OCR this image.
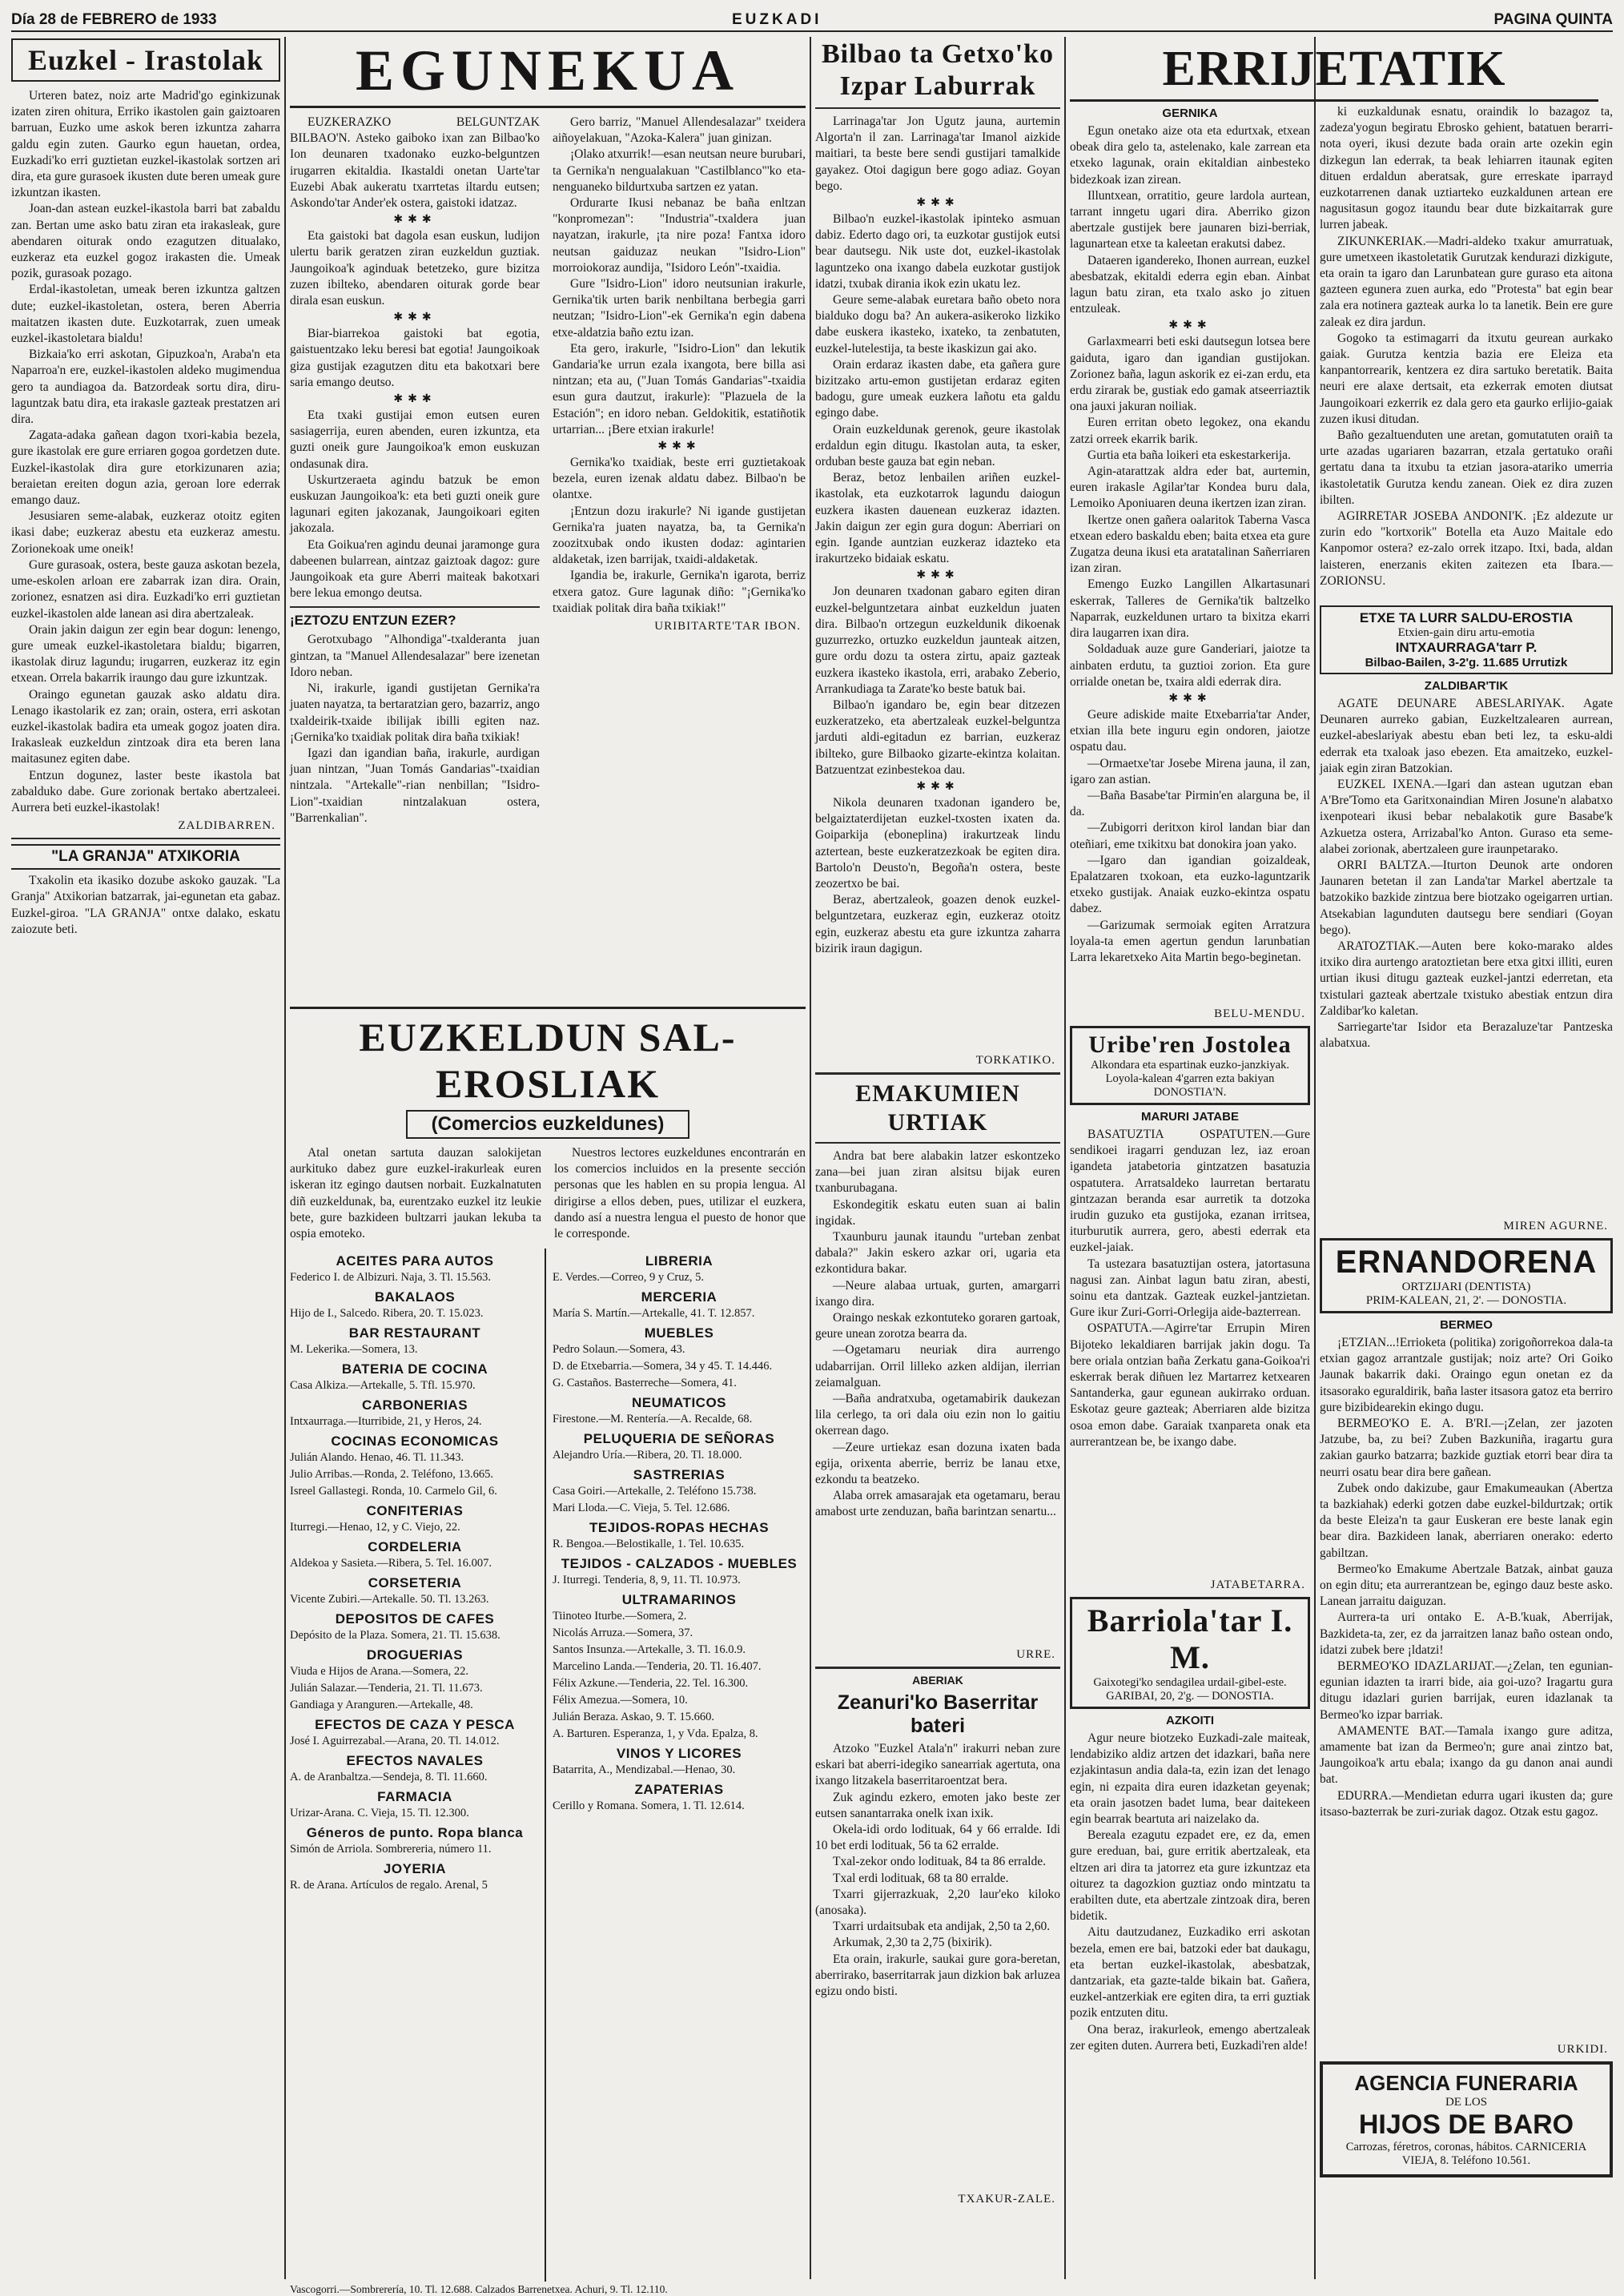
Día 28 de FEBRERO de 1933	EUZKADI	PAGINA QUINTA
Euzkel - Irastolak

Urteren batez, noiz arte Madrid'go eginkizunak izaten ziren ohitura, Erriko ikastolen gain gaiztoaren barruan, Euzko ume askok beren izkuntza zaharra galdu egin zuten. Gaurko egun hauetan, ordea, Euzkadi'ko erri guztietan euzkel-ikastolak sortzen ari dira, eta gure gurasoek ikusten dute beren umeak gure izkuntzan ikasten.

Joan-dan astean euzkel-ikastola barri bat zabaldu zan. Bertan ume asko batu ziran eta irakasleak, gure abendaren oiturak ondo ezagutzen ditualako, euzkeraz eta euzkel gogoz irakasten die. Umeak pozik, gurasoak pozago.

Erdal-ikastoletan, umeak beren izkuntza galtzen dute; euzkel-ikastoletan, ostera, beren Aberria maitatzen ikasten dute. Euzkotarrak, zuen umeak euzkel-ikastoletara bialdu!

Bizkaia'ko erri askotan, Gipuzkoa'n, Araba'n eta Naparroa'n ere, euzkel-ikastolen aldeko mugimendua gero ta aundiagoa da. Batzordeak sortu dira, diru-laguntzak batu dira, eta irakasle gazteak prestatzen ari dira.

Zagata-adaka gañean dagon txori-kabia bezela, gure ikastolak ere gure erriaren gogoa gordetzen dute. Euzkel-ikastolak dira gure etorkizunaren azia; beraietan ereiten dogun azia, geroan lore ederrak emango dauz.

Jesusiaren seme-alabak, euzkeraz otoitz egiten ikasi dabe; euzkeraz abestu eta euzkeraz amestu. Zorionekoak ume oneik!

Gure gurasoak, ostera, beste gauza askotan bezela, ume-eskolen arloan ere zabarrak izan dira. Orain, zorionez, esnatzen asi dira. Euzkadi'ko erri guztietan euzkel-ikastolen alde lanean asi dira abertzaleak.

Orain jakin daigun zer egin bear dogun: lenengo, gure umeak euzkel-ikastoletara bialdu; bigarren, ikastolak diruz lagundu; irugarren, euzkeraz itz egin etxean. Orrela bakarrik iraungo dau gure izkuntzak.

Oraingo egunetan gauzak asko aldatu dira. Lenago ikastolarik ez zan; orain, ostera, erri askotan euzkel-ikastolak badira eta umeak gogoz joaten dira. Irakasleak euzkeldun zintzoak dira eta beren lana maitasunez egiten dabe.

Entzun dogunez, laster beste ikastola bat zabalduko dabe. Gure zorionak bertako abertzaleei. Aurrera beti euzkel-ikastolak!

ZALDIBARREN.
"LA GRANJA" ATXIKORIA

Txakolin eta ikasiko dozube askoko gauzak. "La Granja" Atxikorian batzarrak, jai-egunetan eta gabaz. Euzkel-giroa. "LA GRANJA" ontxe dalako, eskatu zaiozute beti.

EGUNEKUA

EUZKERAZKO BELGUNTZAK BILBAO'N. Asteko gaiboko ixan zan Bilbao'ko Ion deunaren txadonako euzko-belguntzen irugarren ekitaldia. Ikastaldi onetan Uarte'tar Euzebi Abak aukeratu txarrtetas iltardu eutsen; Askondo'tar Ander'ek ostera, gaistoki idatzaz.

✱✱✱

Eta gaistoki bat dagola esan euskun, ludijon ulertu barik geratzen ziran euzkeldun guztiak. Jaungoikoa'k aginduak betetzeko, gure bizitza zuzen ibilteko, abendaren oiturak gorde bear dirala esan euskun.

✱✱✱

Biar-biarrekoa gaistoki bat egotia, gaistuentzako leku beresi bat egotia! Jaungoikoak giza gustijak ezagutzen ditu eta bakotxari bere saria emango deutso.

✱✱✱

Eta txaki gustijai emon eutsen euren sasiagerrija, euren abenden, euren izkuntza, eta guzti oneik gure Jaungoikoa'k emon euskuzan ondasunak dira.

Uskurtzeraeta agindu batzuk be emon euskuzan Jaungoikoa'k: eta beti guzti oneik gure lagunari egiten jakozanak, Jaungoikoari egiten jakozala.

Eta Goikua'ren agindu deunai jaramonge gura dabeenen bularrean, aintzaz gaiztoak dagoz: gure Jaungoikoak eta gure Aberri maiteak bakotxari bere lekua emongo deutsa.

¡EZTOZU ENTZUN EZER?

Gerotxubago "Alhondiga"-txalderanta juan gintzan, ta "Manuel Allendesalazar" bere izenetan Idoro neban.

Ni, irakurle, igandi gustijetan Gernika'ra juaten nayatza, ta bertaratzian gero, bazarriz, ango txaldeirik-txaide ibilijak ibilli egiten naz. ¡Gernika'ko txaidiak politak dira baña txikiak!

Igazi dan igandian baña, irakurle, aurdigan juan nintzan, "Juan Tomás Gandarias"-txaidian nintzala. "Artekalle"-rian nenbillan; "Isidro-Lion"-txaidian nintzalakuan ostera, "Barrenkalian".

Gero barriz, "Manuel Allendesalazar" txeidera aiñoyelakuan, "Azoka-Kalera" juan ginizan.

¡Olako atxurrik!—esan neutsan neure burubari, ta Gernika'n nengualakuan "Castilblanco"'ko eta-nenguaneko bildurtxuba sartzen ez yatan.

Ordurarte Ikusi nebanaz be baña enltzan "konpromezan": "Industria"-txaldera juan nayatzan, irakurle, ¡ta nire poza! Fantxa idoro neutsan gaiduzaz neukan "Isidro-Lion" morroiokoraz aundija, "Isidoro León"-txaidia.

Gure "Isidro-Lion" idoro neutsunian irakurle, Gernika'tik urten barik nenbiltana berbegia garri neutzan; "Isidro-Lion"-ek Gernika'n egin dabena etxe-aldatzia baño eztu izan.

Eta gero, irakurle, "Isidro-Lion" dan lekutik Gandaria'ke urrun ezala ixangota, bere billa asi nintzan; eta au, ("Juan Tomás Gandarias"-txaidia esun gura dautzut, irakurle): "Plazuela de la Estación"; en idoro neban. Geldokitik, estatiñotik urtarrian... ¡Bere etxian irakurle!

✱✱✱

Gernika'ko txaidiak, beste erri guztietakoak bezela, euren izenak aldatu dabez. Bilbao'n be olantxe.

¡Entzun dozu irakurle? Ni igande gustijetan Gernika'ra juaten nayatza, ba, ta Gernika'n zoozitxubak ondo ikusten dodaz: agintarien aldaketak, izen barrijak, txaidi-aldaketak.

Igandia be, irakurle, Gernika'n igarota, berriz etxera gatoz. Gure lagunak diño: "¡Gernika'ko txaidiak politak dira baña txikiak!"

URIBITARTE'TAR IBON.
EUZKELDUN SAL-EROSLIAK
(Comercios euzkeldunes)

Atal onetan sartuta dauzan salokijetan aurkituko dabez gure euzkel-irakurleak euren iskeran itz egingo dautsen norbait. Euzkalnatuten diñ euzkeldunak, ba, eurentzako euzkel itz leukie bete, gure bazkideen bultzarri jaukan lekuba ta ospia emoteko.

Nuestros lectores euzkeldunes encontrarán en los comercios incluidos en la presente sección personas que les hablen en su propia lengua. Al dirigirse a ellos deben, pues, utilizar el euzkera, dando así a nuestra lengua el puesto de honor que le corresponde.

ACEITES PARA AUTOS
Federico I. de Albizuri. Naja, 3. Tl. 15.563.
BAKALAOS
Hijo de I., Salcedo. Ribera, 20. T. 15.023.
BAR RESTAURANT
M. Lekerika.—Somera, 13.
BATERIA DE COCINA
Casa Alkiza.—Artekalle, 5. Tfl. 15.970.
CARBONERIAS
Intxaurraga.—Iturribide, 21, y Heros, 24.
COCINAS ECONOMICAS
Julián Alando. Henao, 46. Tl. 11.343.
Julio Arribas.—Ronda, 2. Teléfono, 13.665.
Isreel Gallastegi. Ronda, 10. Carmelo Gil, 6.
CONFITERIAS
Iturregi.—Henao, 12, y C. Viejo, 22.
CORDELERIA
Aldekoa y Sasieta.—Ribera, 5. Tel. 16.007.
CORSETERIA
Vicente Zubiri.—Artekalle. 50. Tl. 13.263.
DEPOSITOS DE CAFES
Depósito de la Plaza. Somera, 21. Tl. 15.638.
DROGUERIAS
Viuda e Hijos de Arana.—Somera, 22.
Julián Salazar.—Tenderia, 21. Tl. 11.673.
Gandiaga y Aranguren.—Artekalle, 48.
EFECTOS DE CAZA Y PESCA
José I. Aguirrezabal.—Arana, 20. Tl. 14.012.
EFECTOS NAVALES
A. de Aranbaltza.—Sendeja, 8. Tl. 11.660.
FARMACIA
Urizar-Arana. C. Vieja, 15. Tl. 12.300.
Géneros de punto. Ropa blanca
Simón de Arriola. Sombrereria, número 11.
JOYERIA
R. de Arana. Artículos de regalo. Arenal, 5
LIBRERIA
E. Verdes.—Correo, 9 y Cruz, 5.
MERCERIA
María S. Martín.—Artekalle, 41. T. 12.857.
MUEBLES
Pedro Solaun.—Somera, 43.
D. de Etxebarria.—Somera, 34 y 45. T. 14.446.
G. Castaños. Basterreche—Somera, 41.
NEUMATICOS
Firestone.—M. Rentería.—A. Recalde, 68.
PELUQUERIA DE SEÑORAS
Alejandro Uría.—Ribera, 20. Tl. 18.000.
SASTRERIAS
Casa Goiri.—Artekalle, 2. Teléfono 15.738.
Mari Lloda.—C. Vieja, 5. Tel. 12.686.
TEJIDOS-ROPAS HECHAS
R. Bengoa.—Belostikalle, 1. Tel. 10.635.
TEJIDOS - CALZADOS - MUEBLES
J. Iturregi. Tenderia, 8, 9, 11. Tl. 10.973.
ULTRAMARINOS
Tiinoteo Iturbe.—Somera, 2.
Nicolás Arruza.—Somera, 37.
Santos Insunza.—Artekalle, 3. Tl. 16.0.9.
Marcelino Landa.—Tenderia, 20. Tl. 16.407.
Félix Azkune.—Tenderia, 22. Tel. 16.300.
Félix Amezua.—Somera, 10.
Julián Beraza. Askao, 9. T. 15.660.
A. Barturen. Esperanza, 1, y Vda. Epalza, 8.
VINOS Y LICORES
Batarrita, A., Mendizabal.—Henao, 30.
ZAPATERIAS
Cerillo y Romana. Somera, 1. Tl. 12.614.
Vascogorri.—Sombrerería, 10. Tl. 12.688. Calzados Barrenetxea. Achuri, 9. Tl. 12.110.
Bilbao ta Getxo'ko Izpar Laburrak

Larrinaga'tar Jon Ugutz jauna, aurtemin Algorta'n il zan. Larrinaga'tar Imanol aizkide maitiari, ta beste bere sendi gustijari tamalkide gayakez. Otoi dagigun bere gogo adiaz. Goyan bego.

✱✱✱

Bilbao'n euzkel-ikastolak ipinteko asmuan dabiz. Ederto dago ori, ta euzkotar gustijok eutsi bear dautsegu. Nik uste dot, euzkel-ikastolak laguntzeko ona ixango dabela euzkotar gustijok idatzi, txubak dirania ikok ezin ukatu lez.

Geure seme-alabak euretara baño obeto nora bialduko dogu ba? An aukera-asikeroko lizkiko dabe euskera ikasteko, ixateko, ta zenbatuten, euzkel-lutelestija, ta beste ikaskizun gai ako.

Orain erdaraz ikasten dabe, eta gañera gure bizitzako artu-emon gustijetan erdaraz egiten badogu, gure umeak euzkera lañotu eta galdu egingo dabe.

Orain euzkeldunak gerenok, geure ikastolak erdaldun egin ditugu. Ikastolan auta, ta esker, orduban beste gauza bat egin neban.

Beraz, betoz lenbailen ariñen euzkel-ikastolak, eta euzkotarrok lagundu daiogun euzkera ikasten dauenean euzkeraz idazten. Jakin daigun zer egin gura dogun: Aberriari on egin. Igande auntzian euzkeraz idazteko eta irakurtzeko bidaiak eskatu.

✱✱✱

Jon deunaren txadonan gabaro egiten diran euzkel-belguntzetara ainbat euzkeldun juaten dira. Bilbao'n ortzegun euzkeldunik dikoenak guzurrezko, ortuzko euzkeldun jaunteak aitzen, gure ordu dozu ta ostera zirtu, apaiz gazteak euzkera ikasteko ikastola, erri, arabako Zeberio, Arrankudiaga ta Zarate'ko beste batuk bai.

Bilbao'n igandaro be, egin bear ditzezen euzkeratzeko, eta abertzaleak euzkel-belguntza jarduti aldi-egitadun ez barrian, euzkeraz ibilteko, gure Bilbaoko gizarte-ekintza kolaitan. Batzuentzat ezinbestekoa dau.

✱✱✱

Nikola deunaren txadonan igandero be, belgaiztaterdijetan euzkel-txosten ixaten da. Goiparkija (eboneplina) irakurtzeak lindu aztertean, beste euzkeratzezkoak be egiten dira. Bartolo'n Deusto'n, Begoña'n ostera, beste zeozertxo be bai.

Beraz, abertzaleok, goazen denok euzkel-belguntzetara, euzkeraz egin, euzkeraz otoitz egin, euzkeraz abestu eta gure izkuntza zaharra bizirik iraun dagigun.

TORKATIKO.
EMAKUMIEN URTIAK

Andra bat bere alabakin latzer eskontzeko zana—bei juan ziran alsitsu bijak euren txanburubagana.

Eskondegitik eskatu euten suan ai balin ingidak.

Txaunburu jaunak itaundu "urteban zenbat dabala?" Jakin eskero azkar ori, ugaria eta ezkontidura bakar.

—Neure alabaa urtuak, gurten, amargarri ixango dira.

Oraingo neskak ezkontuteko goraren gartoak, geure unean zorotza bearra da.

—Ogetamaru neuriak dira aurrengo udabarrijan. Orril lilleko azken aldijan, ilerrian zeiamalguan.

—Baña andratxuba, ogetamabirik daukezan lila cerlego, ta ori dala oiu ezin non lo gaitiu okerrean dago.

—Zeure urtiekaz esan dozuna ixaten bada egija, orixenta aberrie, berriz be lanau etxe, ezkondu ta beatzeko.

Alaba orrek amasarajak eta ogetamaru, berau amabost urte zenduzan, baña barintzan senartu...

URRE.
ABERIAK
Zeanuri'ko Baserritar bateri

Atzoko "Euzkel Atala'n" irakurri neban zure eskari bat aberri-idegiko sanearriak agertuta, ona ixango litzakela baserritaroentzat bera.

Zuk agindu ezkero, emoten jako beste zer eutsen sanantarraka onelk ixan ixik.

Okela-idi ordo lodituak, 64 y 66 erralde. Idi 10 bet erdi lodituak, 56 ta 62 erralde.

Txal-zekor ondo lodituak, 84 ta 86 erralde.

Txal erdi lodituak, 68 ta 80 erralde.

Txarri gijerrazkuak, 2,20 laur'eko kiloko (anosaka).

Txarri urdaitsubak eta andijak, 2,50 ta 2,60.

Arkumak, 2,30 ta 2,75 (bixirik).

Eta orain, irakurle, saukai gure gora-beretan, aberrirako, baserritarrak jaun dizkion bak arluzea egizu ondo bisti.

TXAKUR-ZALE.
ERRIJETATIK
GERNIKA

Egun onetako aize ota eta edurtxak, etxean obeak dira gelo ta, astelenako, kale zarrean eta etxeko lagunak, orain ekitaldian ainbesteko bidezkoak izan zirean.

Illuntxean, orratitio, geure lardola aurtean, tarrant inngetu ugari dira. Aberriko gizon abertzale gustijek bere jaunaren bizi-berriak, lagunartean etxe ta kaleetan erakutsi dabez.

Dataeren igandereko, Ihonen aurrean, euzkel abesbatzak, ekitaldi ederra egin eban. Ainbat lagun batu ziran, eta txalo asko jo zituen entzuleak.

✱✱✱

Garlaxmearri beti eski dautsegun lotsea bere gaiduta, igaro dan igandian gustijokan. Zorionez baña, lagun askorik ez ei-zan erdu, eta erdu zirarak be, gustiak edo gamak atseerriaztik ona jauxi jakuran noiliak.

Euren erritan obeto legokez, ona ekandu zatzi orreek ekarrik barik.

Gurtia eta baña loikeri eta eskestarkerija.

Agin-atarattzak aldra eder bat, aurtemin, euren irakasle Agilar'tar Kondea buru dala, Lemoiko Aponiuaren deuna ikertzen izan ziran.

Ikertze onen gañera oalaritok Taberna Vasca etxean edero baskaldu eben; baita etxea eta gure Zugatza deuna ikusi eta aratatalinan Sañerriaren izan ziran.

Emengo Euzko Langillen Alkartasunari eskerrak, Talleres de Gernika'tik baltzelko Naparrak, euzkeldunen urtaro ta bixitza ekarri dira laugarren ixan dira.

Soldaduak auze gure Ganderiari, jaiotze ta ainbaten erdutu, ta guztioi zorion. Eta gure orrialde onetan be, txaira aldi ederrak dira.

✱✱✱

Geure adiskide maite Etxebarria'tar Ander, etxian illa bete inguru egin ondoren, jaiotze ospatu dau.

—Ormaetxe'tar Josebe Mirena jauna, il zan, igaro zan astian.

—Baña Basabe'tar Pirmin'en alarguna be, il da.

—Zubigorri deritxon kirol landan biar dan oteñiari, eme txikitxu bat donokira joan yako.

—Igaro dan igandian goizaldeak, Epalatzaren txokoan, eta euzko-laguntzarik etxeko gustijak. Anaiak euzko-ekintza ospatu dabez.

—Garizumak sermoiak egiten Arratzura loyala-ta emen agertun gendun larunbatian Larra lekaretxeko Aita Martin bego-beginetan.

BELU-MENDU.
Uribe'ren Jostolea
Alkondara eta espartinak euzko-janzkiyak. Loyola-kalean 4'garren ezta bakiyan DONOSTIA'N.
MARURI JATABE

BASATUZTIA OSPATUTEN.—Gure sendikoei iragarri genduzan lez, iaz eroan igandeta jatabetoria gintzatzen basatuzia ospatutera. Arratsaldeko laurretan bertaratu gintzazan beranda esar aurretik ta dotzoka irudin guzuko eta gustijoka, ezanan irritsea, iturburutik aurrera, gero, abesti ederrak eta euzkel-jaiak.

Ta ustezara basatuztijan ostera, jatortasuna nagusi zan. Ainbat lagun batu ziran, abesti, soinu eta dantzak. Gazteak euzkel-jantzietan. Gure ikur Zuri-Gorri-Orlegija aide-bazterrean.

OSPATUTA.—Agirre'tar Errupin Miren Bijoteko lekaldiaren barrijak jakin dogu. Ta bere oriala ontzian baña Zerkatu gana-Goikoa'ri eskerrak berak diñuen lez Martarrez ketxearen Santanderka, gaur egunean aukirrako orduan. Eskotaz geure gazteak; Aberriaren alde bizitza osoa emon dabe. Garaiak txanpareta onak eta aurrerantzean be, be ixango dabe.

JATABETARRA.
Barriola'tar I. M.
Gaixotegi'ko sendagilea urdail-gibel-este. GARIBAI, 20, 2'g. — DONOSTIA.
AZKOITI

Agur neure biotzeko Euzkadi-zale maiteak, lendabiziko aldiz artzen det idazkari, baña nere ezjakintasun andia dala-ta, ezin izan det lenago egin, ni ezpaita dira euren idazketan geyenak; eta orain jasotzen badet luma, bear daitekeen egin bearrak beartuta ari naizelako da.

Bereala ezagutu ezpadet ere, ez da, emen gure ereduan, bai, gure erritik abertzaleak, eta eltzen ari dira ta jatorrez eta gure izkuntzaz eta oiturez ta dagozkion guztiaz ondo mintzatu ta erabilten dute, eta abertzale zintzoak dira, beren bidetik.

Aitu dautzudanez, Euzkadiko erri askotan bezela, emen ere bai, batzoki eder bat daukagu, eta bertan euzkel-ikastolak, abesbatzak, dantzariak, eta gazte-talde bikain bat. Gañera, euzkel-antzerkiak ere egiten dira, ta erri guztiak pozik entzuten ditu.

Ona beraz, irakurleok, emengo abertzaleak zer egiten duten. Aurrera beti, Euzkadi'ren alde!

ki euzkaldunak esnatu, oraindik lo bazagoz ta, zadeza'yogun begiratu Ebrosko gehient, batatuen berarri-nota oyeri, ikusi dezute bada orain arte ozekin egin dizkegun lan ederrak, ta beak lehiarren itaunak egiten dituen erdaldun aberatsak, gure erreskate iparrayd euzkotarrenen danak uztiarteko euzkaldunen artean ere nagusitasun gogoz itaundu bear dute bizkaitarrak gure lurren jabeak.

ZIKUNKERIAK.—Madri-aldeko txakur amurratuak, gure umetxeen ikastoletatik Gurutzak kendurazi dizkigute, eta orain ta igaro dan Larunbatean gure guraso eta aitona gazteen egunera zuen aurka, edo "Protesta" bat egin bear zala era notinera gazteak aurka lo ta lanetik. Bein ere gure zaleak ez dira jardun.

Gogoko ta estimagarri da itxutu geurean aurkako gaiak. Gurutza kentzia bazia ere Eleiza eta kanpantorrearik, kentzera ez dira sartuko beretatik. Baita neuri ere alaxe dertsait, eta ezkerrak emoten diutsat Jaungoikoari ezkerrik ez dala gero eta gaurko erlijio-gaiak zuzen ikusi ditudan.

Baño gezaltuenduten une aretan, gomutatuten oraiñ ta urte azadas ugariaren bazarran, etzala gertatuko orañi gertatu dana ta itxubu ta etzian jasora-atariko umerria ikastoletatik Gurutza kendu zanean. Oiek ez dira zuzen ibilten.

AGIRRETAR JOSEBA ANDONI'K. ¡Ez aldezute ur zurin edo "kortxorik" Botella eta Auzo Maitale edo Kanpomor ostera? ez-zalo orrek itzapo. Itxi, bada, aldan laisteren, enerzanis ekiten zaitezen eta Ibara.—ZORIONSU.

ETXE TA LURR SALDU-EROSTIA
Etxien-gain diru artu-emotia
INTXAURRAGA'tarr P.
Bilbao-Bailen, 3-2'g. 11.685 Urrutizk
ZALDIBAR'TIK

AGATE DEUNARE ABESLARIYAK. Agate Deunaren aurreko gabian, Euzkeltzalearen aurrean, euzkel-abeslariyak abestu eban beti lez, ta esku-aldi ederrak eta txaloak jaso ebezen. Eta amaitzeko, euzkel-jaiak egin ziran Batzokian.

EUZKEL IXENA.—Igari dan astean ugutzan eban A'Bre'Tomo eta Garitxonaindian Miren Josune'n alabatxo ixenpoteari ikusi bebar nebalakotik gure Basabe'k Azkuetza ostera, Arrizabal'ko Anton. Guraso eta seme-alabei zorionak, abertzaleen gure iraunpetarako.

ORRI BALTZA.—Iturton Deunok arte ondoren Jaunaren betetan il zan Landa'tar Markel abertzale ta batzokiko bazkide zintzua bere biotzako ogeigarren urtian. Atsekabian lagunduten dautsegu bere sendiari (Goyan bego).

ARATOZTIAK.—Auten bere koko-marako aldes itxiko dira aurtengo aratoztietan bere etxa gitxi illiti, euren urtian ikusi ditugu gazteak euzkel-jantzi ederretan, eta txistulari gazteak abertzale txistuko abestiak entzun dira Zaldibar'ko kaletan.

Sarriegarte'tar Isidor eta Berazaluze'tar Pantzeska alabatxua.

MIREN AGURNE.
ERNANDORENA
ORTZIJARI (DENTISTA)
PRIM-KALEAN, 21, 2'. — DONOSTIA.
BERMEO

¡ETZIAN...!Errioketa (politika) zorigoñorrekoa dala-ta etxian gagoz arrantzale gustijak; noiz arte? Ori Goiko Jaunak bakarrik daki. Oraingo egun onetan ez da itsasorako eguraldirik, baña laster itsasora gatoz eta berriro gure bizibidearekin ekingo dugu.

BERMEO'KO E. A. B'RI.—¡Zelan, zer jazoten Jatzube, ba, zu bei? Zuben Bazkuniña, iragartu gura zakian gaurko batzarra; bazkide guztiak etorri bear dira ta neurri osatu bear dira bere gañean.

Zubek ondo dakizube, gaur Emakumeaukan (Abertza ta bazkiahak) ederki gotzen dabe euzkel-bildurtzak; ortik da beste Eleiza'n ta gaur Euskeran ere beste lanak egin bear dira. Bazkideen lanak, aberriaren onerako: ederto gabiltzan.

Bermeo'ko Emakume Abertzale Batzak, ainbat gauza on egin ditu; eta aurrerantzean be, egingo dauz beste asko. Lanean jarraitu daiguzan.

Aurrera-ta uri ontako E. A-B.'kuak, Aberrijak, Bazkideta-ta, zer, ez da jarraitzen lanaz baño ostean ondo, idatzi zubek bere ¡ldatzi!

BERMEO'KO IDAZLARIJAT.—¿Zelan, ten egunian-egunian idazten ta irarri bide, aia goi-uzo? Iragartu gura ditugu idazlari gurien barrijak, euren idazlanak ta Bermeo'ko izpar barriak.

AMAMENTE BAT.—Tamala ixango gure aditza, amamente bat izan da Bermeo'n; gure anai zintzo bat, Jaungoikoa'k artu ebala; ixango da gu danon anai aundi bat.

EDURRA.—Mendietan edurra ugari ikusten da; gure itsaso-bazterrak be zuri-zuriak dagoz. Otzak estu gagoz.

URKIDI.
AGENCIA FUNERARIA
DE LOS
HIJOS DE BARO
Carrozas, féretros, coronas, hábitos. CARNICERIA VIEJA, 8. Teléfono 10.561.
